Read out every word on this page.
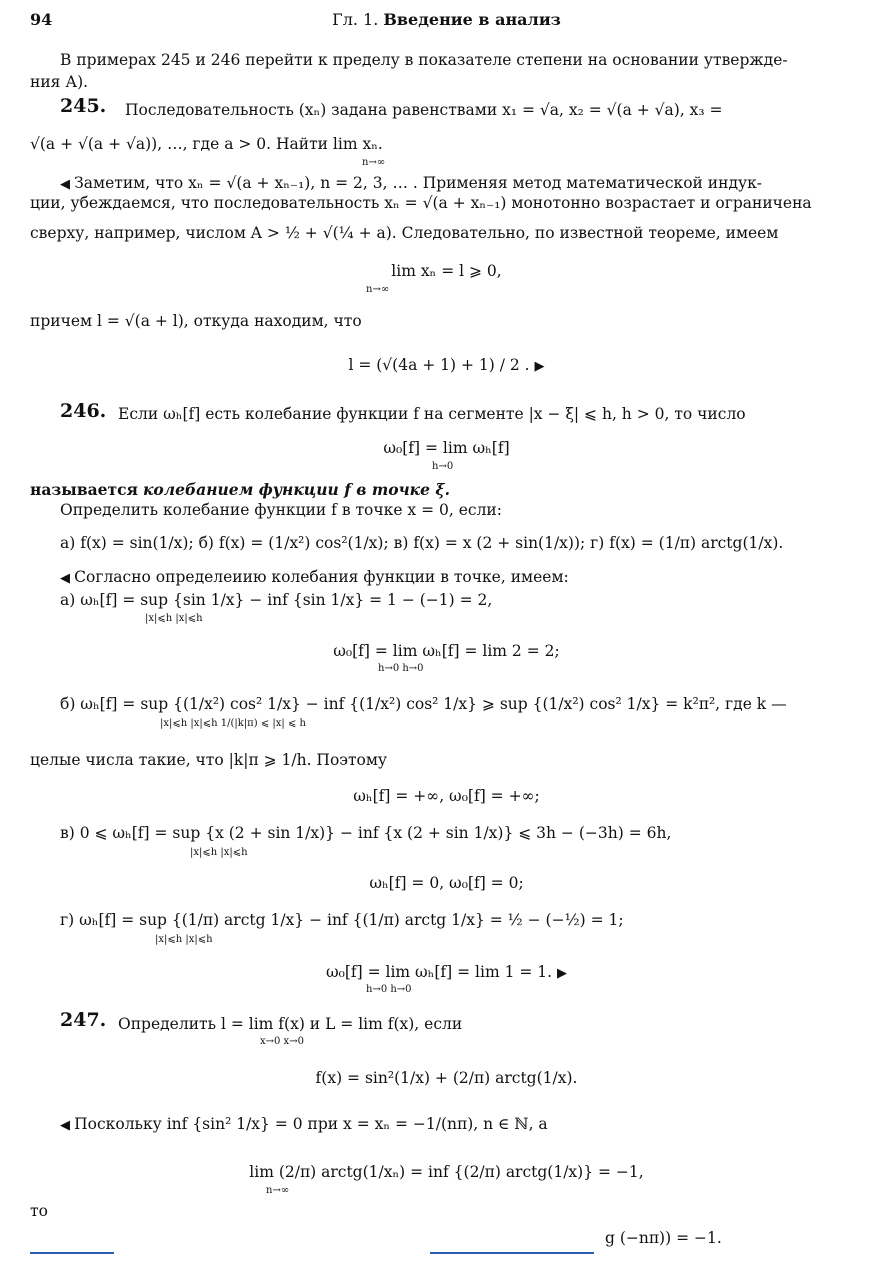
94	Гл. 1. Введение в анализ
В примерах 245 и 246 перейти к пределу в показателе степени на основании утвержде-
ния А).
245. Последовательность (xₙ) задана равенствами x₁ = √a, x₂ = √(a + √a), x₃ =
√(a + √(a + √a)), …, где a > 0. Найти lim xₙ.
n→∞
◀ Заметим, что xₙ = √(a + xₙ₋₁), n = 2, 3, … . Применяя метод математической индук-
ции, убеждаемся, что последовательность xₙ = √(a + xₙ₋₁) монотонно возрастает и ограничена
сверху, например, числом A > ½ + √(¼ + a). Следовательно, по известной теореме, имеем
lim xₙ = l ⩾ 0,
n→∞
причем l = √(a + l), откуда находим, что
l = (√(4a + 1) + 1) / 2 . ▶
246. Если ωₕ[f] есть колебание функции f на сегменте |x − ξ| ⩽ h, h > 0, то число
ω₀[f] = lim ωₕ[f]
h→0
называется колебанием функции f в точке ξ.
Определить колебание функции f в точке x = 0, если:
а) f(x) = sin(1/x); б) f(x) = (1/x²) cos²(1/x); в) f(x) = x (2 + sin(1/x)); г) f(x) = (1/π) arctg(1/x).
◀ Согласно определеиию колебания функции в точке, имеем:
а) ωₕ[f] = sup {sin 1/x} − inf {sin 1/x} = 1 − (−1) = 2,
|x|⩽h |x|⩽h
ω₀[f] = lim ωₕ[f] = lim 2 = 2;
h→0 h→0
б) ωₕ[f] = sup {(1/x²) cos² 1/x} − inf {(1/x²) cos² 1/x} ⩾ sup {(1/x²) cos² 1/x} = k²π², где k —
|x|⩽h |x|⩽h 1/(|k|π) ⩽ |x| ⩽ h
целые числа такие, что |k|π ⩾ 1/h. Поэтому
ωₕ[f] = +∞, ω₀[f] = +∞;
в) 0 ⩽ ωₕ[f] = sup {x (2 + sin 1/x)} − inf {x (2 + sin 1/x)} ⩽ 3h − (−3h) = 6h,
|x|⩽h |x|⩽h
ωₕ[f] = 0, ω₀[f] = 0;
г) ωₕ[f] = sup {(1/π) arctg 1/x} − inf {(1/π) arctg 1/x} = ½ − (−½) = 1;
|x|⩽h |x|⩽h
ω₀[f] = lim ωₕ[f] = lim 1 = 1. ▶
h→0 h→0
247. Определить l = lim f(x) и L = lim f(x), если
x→0 x→0
f(x) = sin²(1/x) + (2/π) arctg(1/x).
◀ Поскольку inf {sin² 1/x} = 0 при x = xₙ = −1/(nπ), n ∈ ℕ, а
lim (2/π) arctg(1/xₙ) = inf {(2/π) arctg(1/x)} = −1,
n→∞
то
g (−nπ)) = −1.
